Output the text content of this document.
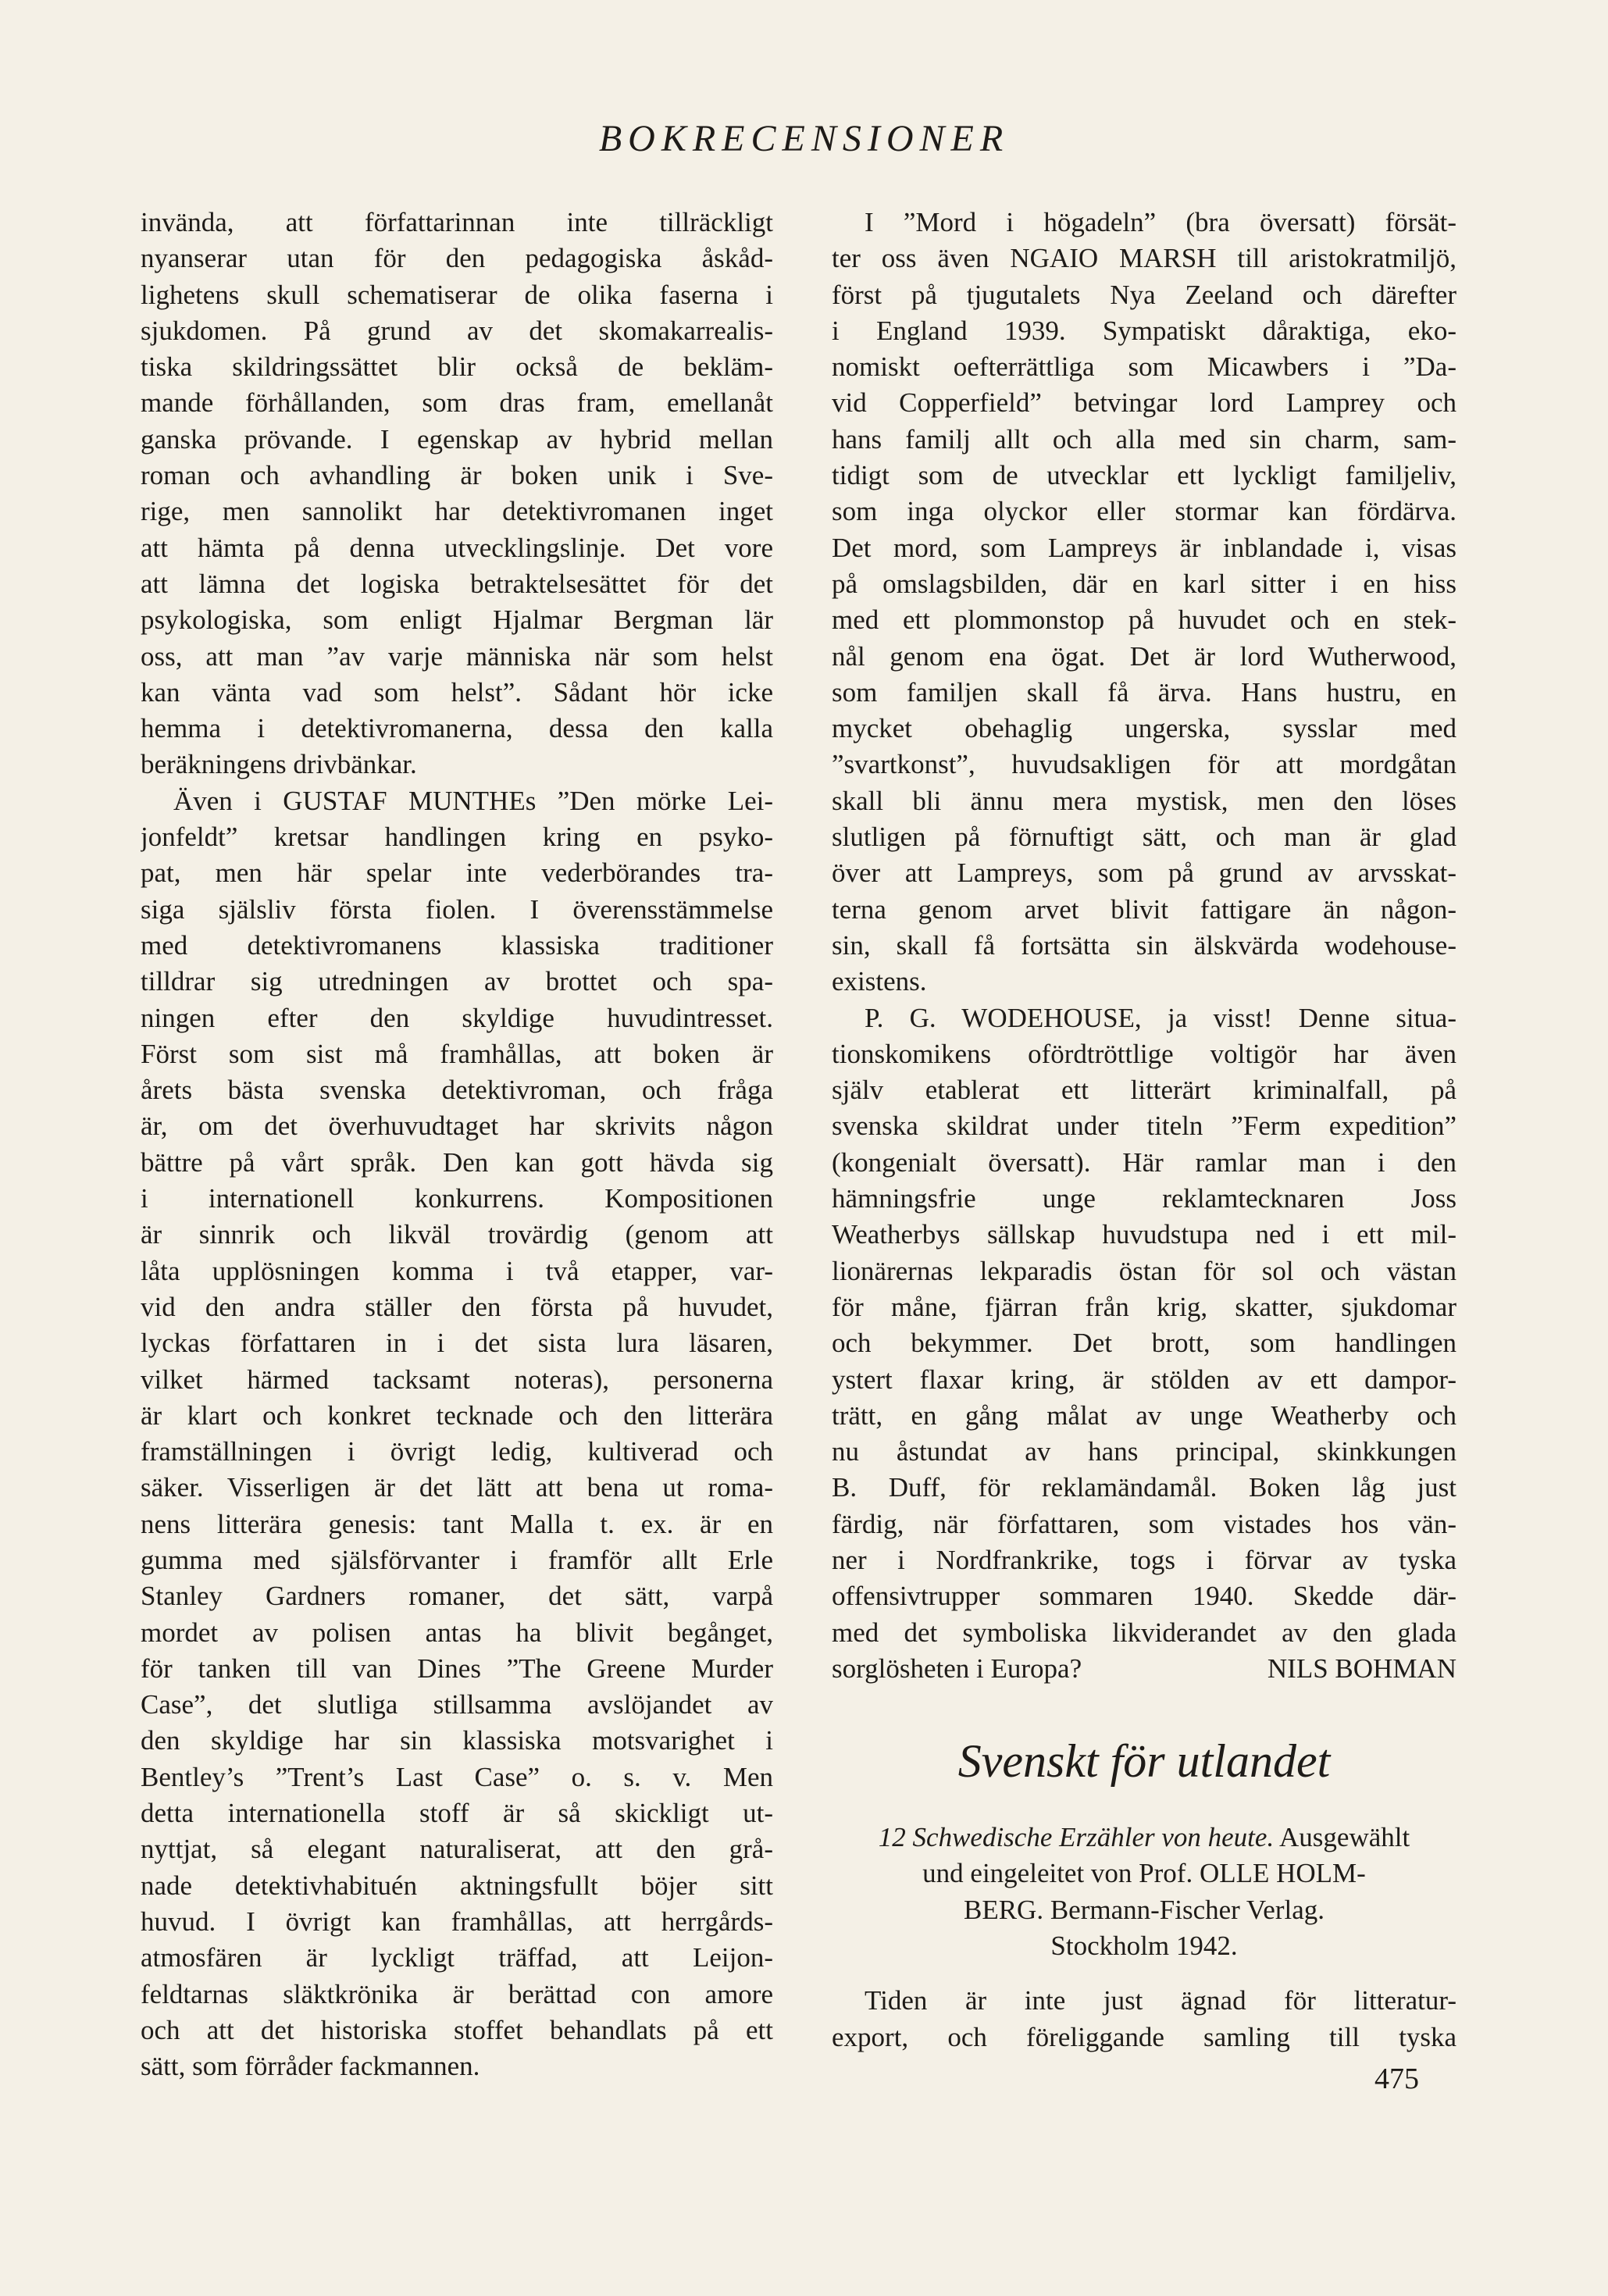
BOKRECENSIONER
invända, att författarinnan inte tillräckligt
nyanserar utan för den pedagogiska åskåd-
lighetens skull schematiserar de olika faserna i
sjukdomen. På grund av det skomakarrealis-
tiska skildringssättet blir också de bekläm-
mande förhållanden, som dras fram, emellanåt
ganska prövande. I egenskap av hybrid mellan
roman och avhandling är boken unik i Sve-
rige, men sannolikt har detektivromanen inget
att hämta på denna utvecklingslinje. Det vore
att lämna det logiska betraktelsesättet för det
psykologiska, som enligt Hjalmar Bergman lär
oss, att man ”av varje människa när som helst
kan vänta vad som helst”. Sådant hör icke
hemma i detektivromanerna, dessa den kalla
beräkningens drivbänkar.
Även i GUSTAF MUNTHEs ”Den mörke Lei-
jonfeldt” kretsar handlingen kring en psyko-
pat, men här spelar inte vederbörandes tra-
siga själsliv första fiolen. I överensstämmelse
med detektivromanens klassiska traditioner
tilldrar sig utredningen av brottet och spa-
ningen efter den skyldige huvudintresset.
Först som sist må framhållas, att boken är
årets bästa svenska detektivroman, och fråga
är, om det överhuvudtaget har skrivits någon
bättre på vårt språk. Den kan gott hävda sig
i internationell konkurrens. Kompositionen
är sinnrik och likväl trovärdig (genom att
låta upplösningen komma i två etapper, var-
vid den andra ställer den första på huvudet,
lyckas författaren in i det sista lura läsaren,
vilket härmed tacksamt noteras), personerna
är klart och konkret tecknade och den litterära
framställningen i övrigt ledig, kultiverad och
säker. Visserligen är det lätt att bena ut roma-
nens litterära genesis: tant Malla t. ex. är en
gumma med själsförvanter i framför allt Erle
Stanley Gardners romaner, det sätt, varpå
mordet av polisen antas ha blivit begånget,
för tanken till van Dines ”The Greene Murder
Case”, det slutliga stillsamma avslöjandet av
den skyldige har sin klassiska motsvarighet i
Bentley’s ”Trent’s Last Case” o. s. v. Men
detta internationella stoff är så skickligt ut-
nyttjat, så elegant naturaliserat, att den grå-
nade detektivhabituén aktningsfullt böjer sitt
huvud. I övrigt kan framhållas, att herrgårds-
atmosfären är lyckligt träffad, att Leijon-
feldtarnas släktkrönika är berättad con amore
och att det historiska stoffet behandlats på ett
sätt, som förråder fackmannen.
I ”Mord i högadeln” (bra översatt) försät-
ter oss även NGAIO MARSH till aristokratmiljö,
först på tjugutalets Nya Zeeland och därefter
i England 1939. Sympatiskt dåraktiga, eko-
nomiskt oefterrättliga som Micawbers i ”Da-
vid Copperfield” betvingar lord Lamprey och
hans familj allt och alla med sin charm, sam-
tidigt som de utvecklar ett lyckligt familjeliv,
som inga olyckor eller stormar kan fördärva.
Det mord, som Lampreys är inblandade i, visas
på omslagsbilden, där en karl sitter i en hiss
med ett plommonstop på huvudet och en stek-
nål genom ena ögat. Det är lord Wutherwood,
som familjen skall få ärva. Hans hustru, en
mycket obehaglig ungerska, sysslar med
”svartkonst”, huvudsakligen för att mordgåtan
skall bli ännu mera mystisk, men den löses
slutligen på förnuftigt sätt, och man är glad
över att Lampreys, som på grund av arvsskat-
terna genom arvet blivit fattigare än någon-
sin, skall få fortsätta sin älskvärda wodehouse-
existens.
P. G. WODEHOUSE, ja visst! Denne situa-
tionskomikens ofördtröttlige voltigör har även
själv etablerat ett litterärt kriminalfall, på
svenska skildrat under titeln ”Ferm expedition”
(kongenialt översatt). Här ramlar man i den
hämningsfrie unge reklamtecknaren Joss
Weatherbys sällskap huvudstupa ned i ett mil-
lionärernas lekparadis östan för sol och västan
för måne, fjärran från krig, skatter, sjukdomar
och bekymmer. Det brott, som handlingen
ystert flaxar kring, är stölden av ett dampor-
trätt, en gång målat av unge Weatherby och
nu åstundat av hans principal, skinkkungen
B. Duff, för reklamändamål. Boken låg just
färdig, när författaren, som vistades hos vän-
ner i Nordfrankrike, togs i förvar av tyska
offensivtrupper sommaren 1940. Skedde där-
med det symboliska likviderandet av den glada
sorglösheten i Europa?	NILS BOHMAN
Svenskt för utlandet
12 Schwedische Erzähler von heute. Ausgewählt
und eingeleitet von Prof. OLLE HOLM-
BERG. Bermann-Fischer Verlag.
Stockholm 1942.
Tiden är inte just ägnad för litteratur-
export, och föreliggande samling till tyska
475
